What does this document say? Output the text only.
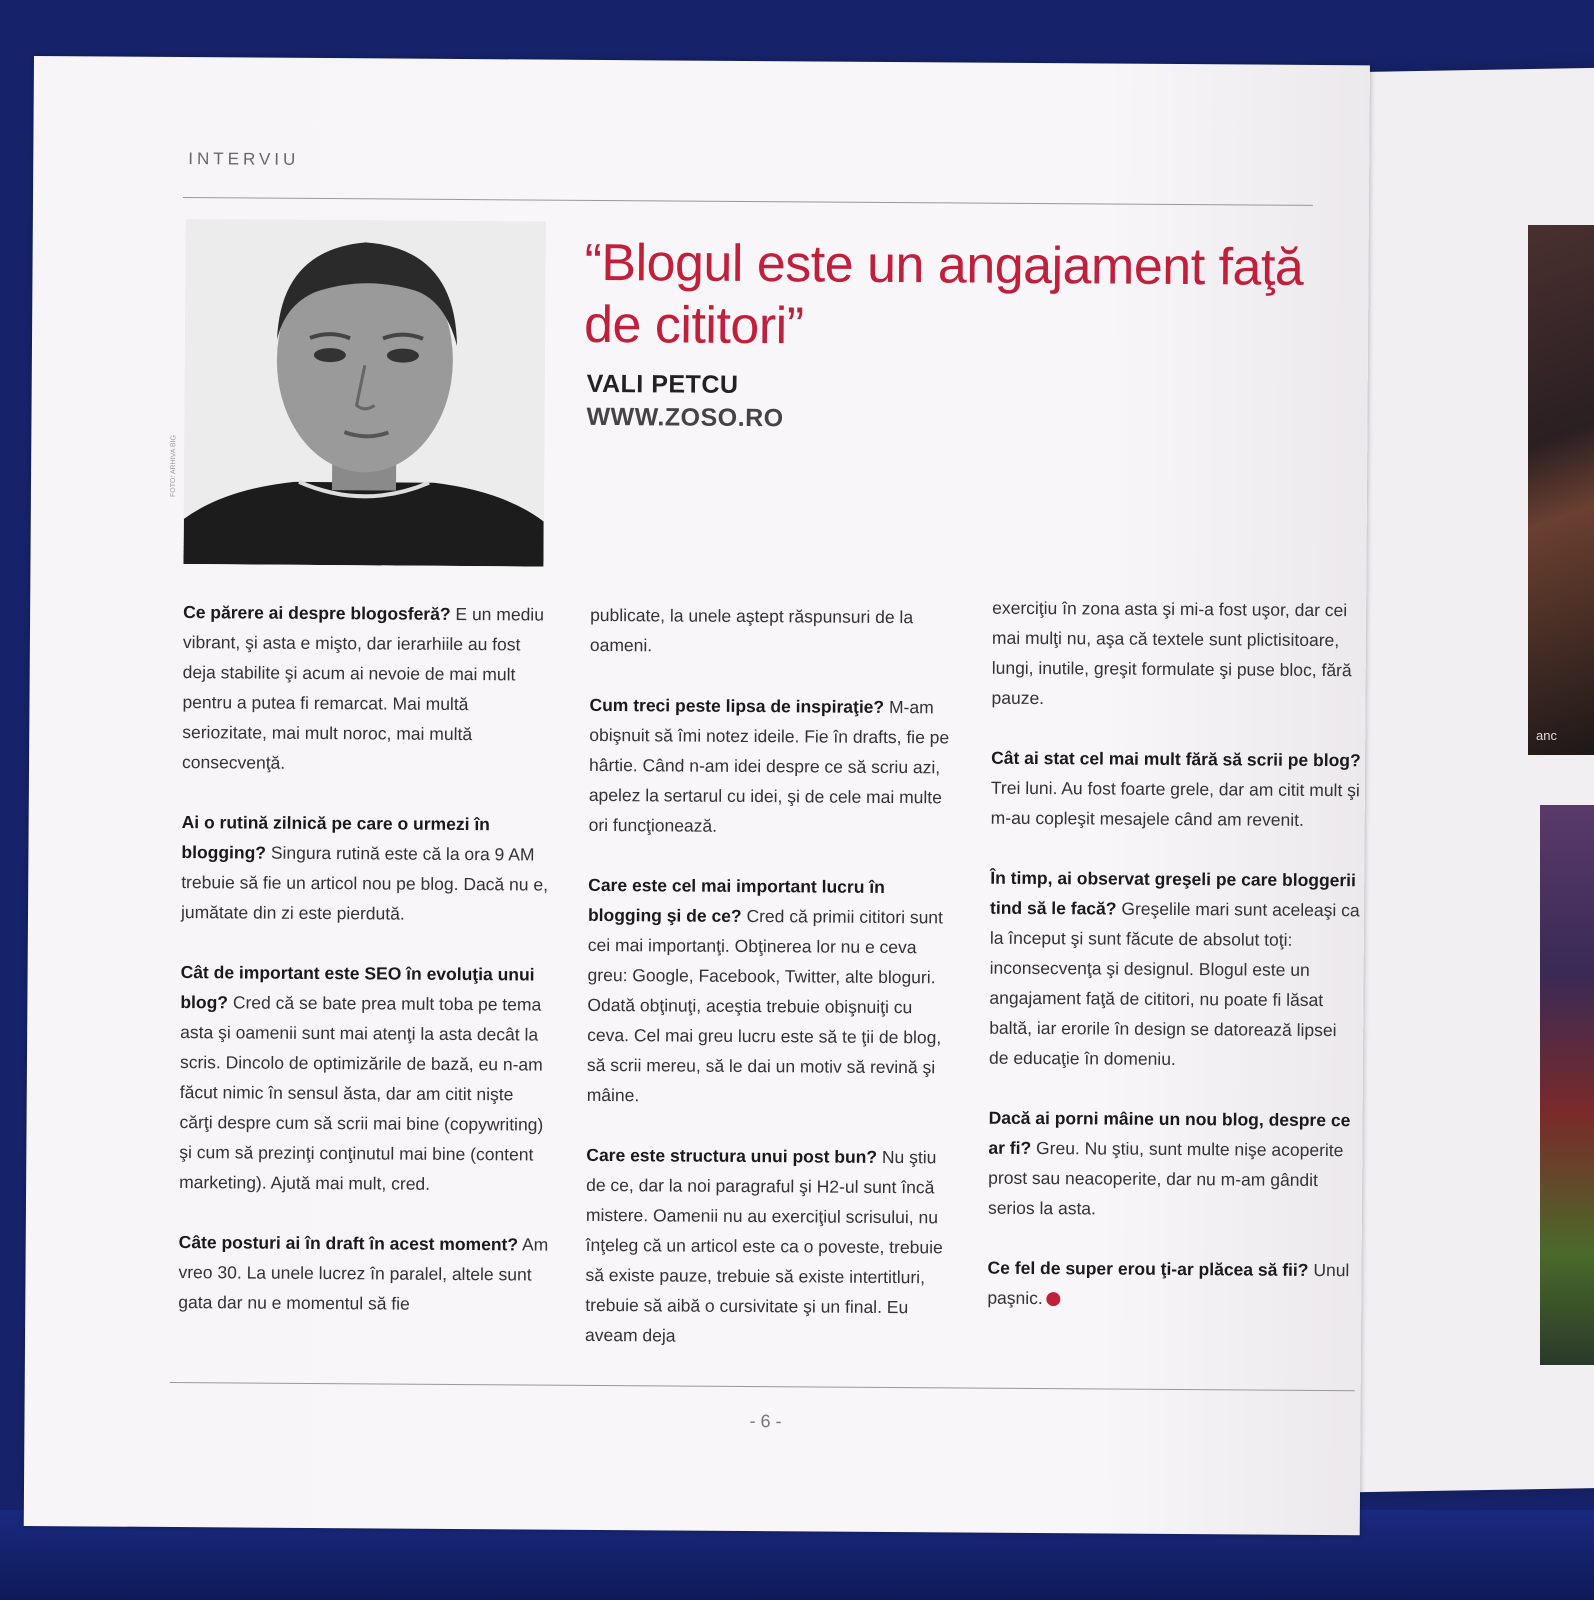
anc
INTERVIU
FOTO: ARHIVA BIG
“Blogul este un angajament faţă
de cititori”
VALI PETCU
WWW.ZOSO.RO

Ce părere ai despre blogosferă? E un mediu vibrant, şi asta e mişto, dar ierarhiile au fost deja stabilite şi acum ai nevoie de mai mult pentru a putea fi remarcat. Mai multă seriozitate, mai mult noroc, mai multă consecvenţă.

Ai o rutină zilnică pe care o urmezi în blogging? Singura rutină este că la ora 9 AM trebuie să fie un articol nou pe blog. Dacă nu e, jumătate din zi este pierdută.

Cât de important este SEO în evoluţia unui blog? Cred că se bate prea mult toba pe tema asta şi oamenii sunt mai atenţi la asta decât la scris. Dincolo de optimizările de bază, eu n-am făcut nimic în sensul ăsta, dar am citit nişte cărţi despre cum să scrii mai bine (copywriting) şi cum să prezinţi conţinutul mai bine (content marketing). Ajută mai mult, cred.

Câte posturi ai în draft în acest moment? Am vreo 30. La unele lucrez în paralel, altele sunt gata dar nu e momentul să fie

publicate, la unele aştept răspunsuri de la oameni.

Cum treci peste lipsa de inspiraţie? M-am obişnuit să îmi notez ideile. Fie în drafts, fie pe hârtie. Când n-am idei despre ce să scriu azi, apelez la sertarul cu idei, şi de cele mai multe ori funcţionează.

Care este cel mai important lucru în blogging şi de ce? Cred că primii cititori sunt cei mai importanţi. Obţinerea lor nu e ceva greu: Google, Facebook, Twitter, alte bloguri. Odată obţinuţi, aceştia trebuie obişnuiţi cu ceva. Cel mai greu lucru este să te ţii de blog, să scrii mereu, să le dai un motiv să revină şi mâine.

Care este structura unui post bun? Nu ştiu de ce, dar la noi paragraful şi H2-ul sunt încă mistere. Oamenii nu au exerciţiul scrisului, nu înţeleg că un articol este ca o poveste, trebuie să existe pauze, trebuie să existe intertitluri, trebuie să aibă o cursivitate şi un final. Eu aveam deja

exerciţiu în zona asta şi mi-a fost uşor, dar cei mai mulţi nu, aşa că textele sunt plictisitoare, lungi, inutile, greşit formulate şi puse bloc, fără pauze.

Cât ai stat cel mai mult fără să scrii pe blog? Trei luni. Au fost foarte grele, dar am citit mult şi m-au copleşit mesajele când am revenit.

În timp, ai observat greşeli pe care bloggerii tind să le facă? Greşelile mari sunt aceleaşi ca la început şi sunt făcute de absolut toţi: inconsecvenţa şi designul. Blogul este un angajament faţă de cititori, nu poate fi lăsat baltă, iar erorile în design se datorează lipsei de educaţie în domeniu.

Dacă ai porni mâine un nou blog, despre ce ar fi? Greu. Nu ştiu, sunt multe nişe acoperite prost sau neacoperite, dar nu m-am gândit serios la asta.

Ce fel de super erou ţi-ar plăcea să fii? Unul paşnic.

- 6 -
